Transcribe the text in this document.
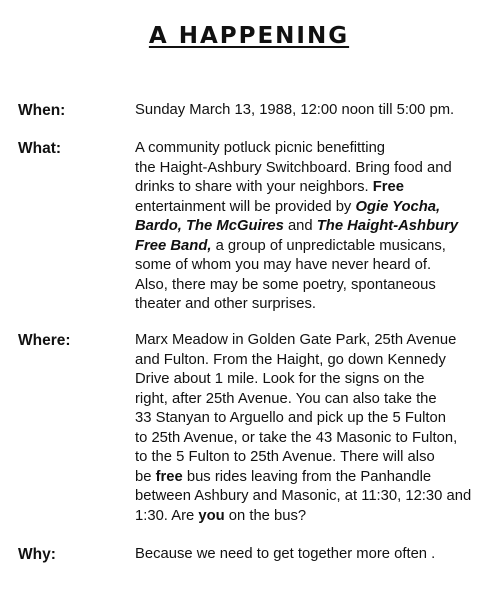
A HAPPENING
When:	Sunday March 13, 1988, 12:00 noon till 5:00 pm.
What:	A community potluck picnic benefitting
the Haight-Ashbury Switchboard. Bring food and
drinks to share with your neighbors. Free
entertainment will be provided by Ogie Yocha,
Bardo, The McGuires and The Haight-Ashbury
Free Band, a group of unpredictable musicans,
some of whom you may have never heard of.
Also, there may be some poetry, spontaneous
theater and other surprises.
Where:	Marx Meadow in Golden Gate Park, 25th Avenue
and Fulton. From the Haight, go down Kennedy
Drive about 1 mile. Look for the signs on the
right, after 25th Avenue. You can also take the
33 Stanyan to Arguello and pick up the 5 Fulton
to 25th Avenue, or take the 43 Masonic to Fulton,
to the 5 Fulton to 25th Avenue. There will also
be free bus rides leaving from the Panhandle
between Ashbury and Masonic, at 11:30, 12:30 and
1:30. Are you on the bus?
Why:	Because we need to get together more often .
